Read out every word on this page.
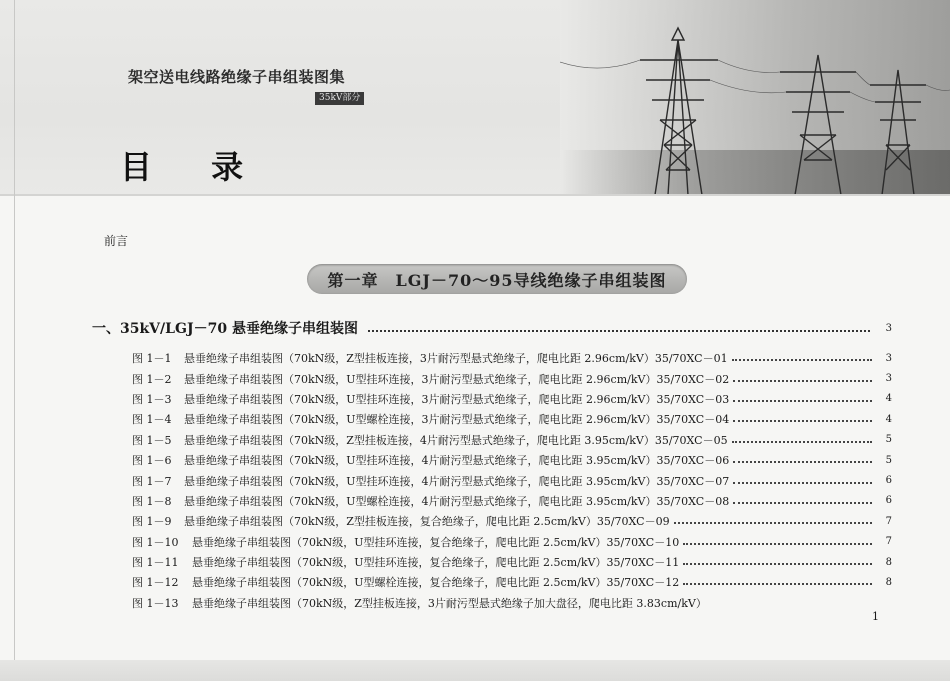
架空送电线路绝缘子串组装图集
35kV部分
目 录
前言
第一章　LGJ－70～95导线绝缘子串组装图
一、35kV/LGJ－70 悬垂绝缘子串组装图	3
图 1－1	悬垂绝缘子串组装图（70kN级，Z型挂板连接，3片耐污型悬式绝缘子，爬电比距 2.96cm/kV）35/70XC－01	3
图 1－2	悬垂绝缘子串组装图（70kN级，U型挂环连接，3片耐污型悬式绝缘子，爬电比距 2.96cm/kV）35/70XC－02	3
图 1－3	悬垂绝缘子串组装图（70kN级，U型挂环连接，3片耐污型悬式绝缘子，爬电比距 2.96cm/kV）35/70XC－03	4
图 1－4	悬垂绝缘子串组装图（70kN级，U型螺栓连接，3片耐污型悬式绝缘子，爬电比距 2.96cm/kV）35/70XC－04	4
图 1－5	悬垂绝缘子串组装图（70kN级，Z型挂板连接，4片耐污型悬式绝缘子，爬电比距 3.95cm/kV）35/70XC－05	5
图 1－6	悬垂绝缘子串组装图（70kN级，U型挂环连接，4片耐污型悬式绝缘子，爬电比距 3.95cm/kV）35/70XC－06	5
图 1－7	悬垂绝缘子串组装图（70kN级，U型挂环连接，4片耐污型悬式绝缘子，爬电比距 3.95cm/kV）35/70XC－07	6
图 1－8	悬垂绝缘子串组装图（70kN级，U型螺栓连接，4片耐污型悬式绝缘子，爬电比距 3.95cm/kV）35/70XC－08	6
图 1－9	悬垂绝缘子串组装图（70kN级，Z型挂板连接，复合绝缘子，爬电比距 2.5cm/kV）35/70XC－09	7
图 1－10	悬垂绝缘子串组装图（70kN级，U型挂环连接，复合绝缘子，爬电比距 2.5cm/kV）35/70XC－10	7
图 1－11	悬垂绝缘子串组装图（70kN级，U型挂环连接，复合绝缘子，爬电比距 2.5cm/kV）35/70XC－11	8
图 1－12	悬垂绝缘子串组装图（70kN级，U型螺栓连接，复合绝缘子，爬电比距 2.5cm/kV）35/70XC－12	8
图 1－13	悬垂绝缘子串组装图（70kN级，Z型挂板连接，3片耐污型悬式绝缘子加大盘径，爬电比距 3.83cm/kV）
1
